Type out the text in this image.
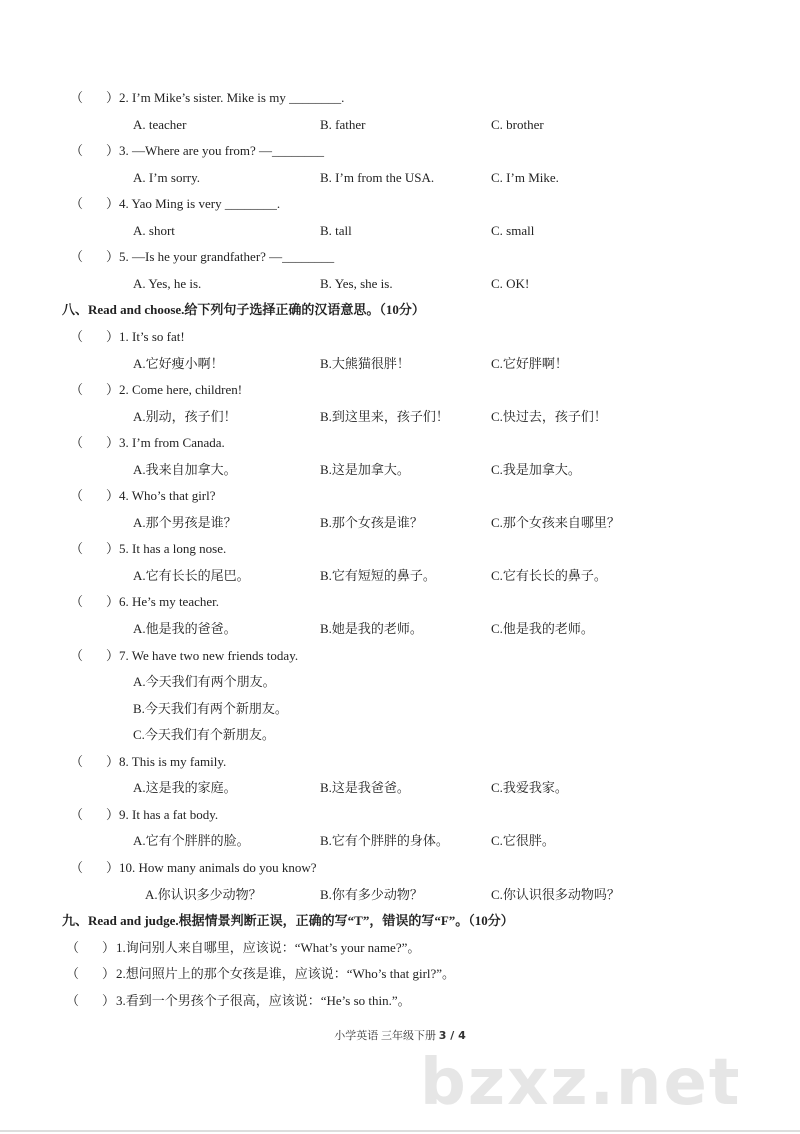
（ ） 2. I’m Mike’s sister. Mike is my ________.
A. teacher	B. father	C. brother
（ ） 3. —Where are you from? —________
A. I’m sorry.	B. I’m from the USA.	C. I’m Mike.
（ ） 4. Yao Ming is very ________.
A. short	B. tall	C. small
（ ） 5. —Is he your grandfather? —________
A. Yes, he is.	B. Yes, she is.	C. OK!
八、Read and choose.给下列句子选择正确的汉语意思。（10分）
（ ） 1. It’s so fat!
A.它好瘦小啊！	B.大熊猫很胖！	C.它好胖啊！
（ ） 2. Come here, children!
A.别动，孩子们！	B.到这里来，孩子们！	C.快过去，孩子们！
（ ） 3. I’m from Canada.
A.我来自加拿大。	B.这是加拿大。	C.我是加拿大。
（ ） 4. Who’s that girl?
A.那个男孩是谁？	B.那个女孩是谁？	C.那个女孩来自哪里？
（ ） 5. It has a long nose.
A.它有长长的尾巴。	B.它有短短的鼻子。	C.它有长长的鼻子。
（ ） 6. He’s my teacher.
A.他是我的爸爸。	B.她是我的老师。	C.他是我的老师。
（ ） 7. We have two new friends today.
A.今天我们有两个朋友。
B.今天我们有两个新朋友。
C.今天我们有个新朋友。
（ ） 8. This is my family.
A.这是我的家庭。	B.这是我爸爸。	C.我爱我家。
（ ） 9. It has a fat body.
A.它有个胖胖的脸。	B.它有个胖胖的身体。	C.它很胖。
（ ） 10. How many animals do you know?
A.你认识多少动物？	B.你有多少动物？	C.你认识很多动物吗？
九、Read and judge.根据情景判断正误，正确的写“T”，错误的写“F”。（10分）
（ ） 1.询问别人来自哪里，应该说：“What’s your name?”。
（ ） 2.想问照片上的那个女孩是谁，应该说：“Who’s that girl?”。
（ ） 3.看到一个男孩个子很高，应该说：“He’s so thin.”。
bzxz.net
小学英语 三年级下册 3 / 4
